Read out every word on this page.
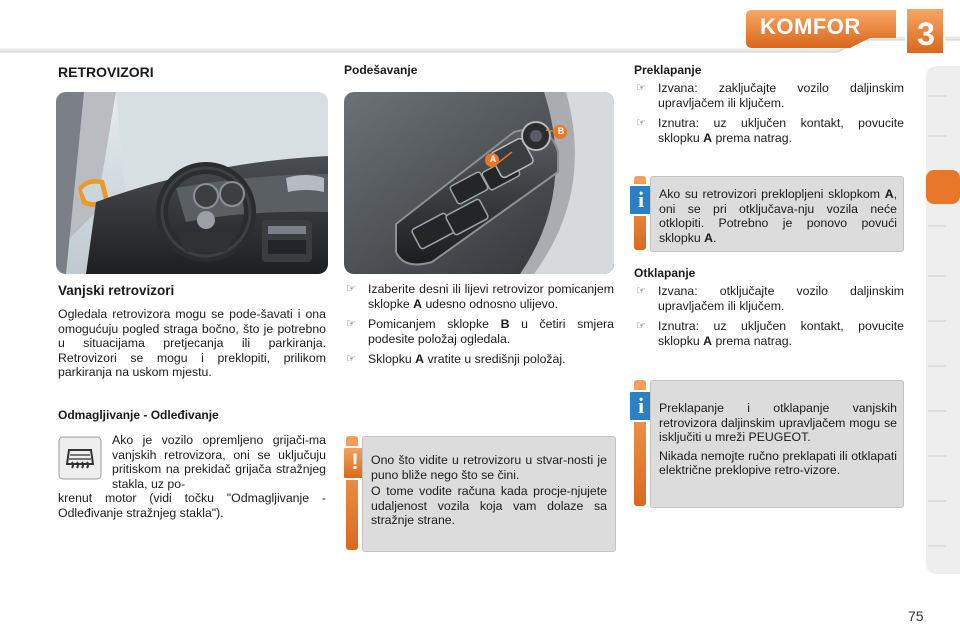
KOMFOR 3
RETROVIZORI
Vanjski retrovizori

Ogledala retrovizora mogu se pode-šavati i ona omogućuju pogled straga bočno, što je potrebno u situacijama pretjecanja ili parkiranja. Retrovizori se mogu i preklopiti, prilikom parkiranja na uskom mjestu.

Odmagljivanje - Odleđivanje

Ako je vozilo opremljeno grijači-ma vanjskih retrovizora, oni se uključuju pritiskom na prekidač grijača stražnjeg stakla, uz po-

krenut motor (vidi točku "Odmagljivanje - Odleđivanje stražnjeg stakla").

Podešavanje
A
B

☞ Izaberite desni ili lijevi retrovizor pomicanjem sklopke A udesno odnosno ulijevo.

☞ Pomicanjem sklopke B u četiri smjera podesite položaj ogledala.

☞ Sklopku A vratite u središnji položaj.

!	Ono što vidite u retrovizoru u stvar-nosti je puno bliže nego što se čini.

O tome vodite računa kada procje-njujete udaljenost vozila koja vam dolaze sa stražnje strane.

Preklapanje

☞ Izvana: zaključajte vozilo daljinskim upravljačem ili ključem.

☞ Iznutra: uz uključen kontakt, povucite sklopku A prema natrag.

i	Ako su retrovizori preklopljeni sklopkom A, oni se pri otključava-nju vozila neće otklopiti. Potrebno je ponovo povući sklopku A.

Otklapanje

☞ Izvana: otključajte vozilo daljinskim upravljačem ili ključem.

☞ Iznutra: uz uključen kontakt, povucite sklopku A prema natrag.

i	Preklapanje i otklapanje vanjskih retrovizora daljinskim upravljačem mogu se isključiti u mreži PEUGEOT.

Nikada nemojte ručno preklapati ili otklapati električne preklopive retro-vizore.

75
